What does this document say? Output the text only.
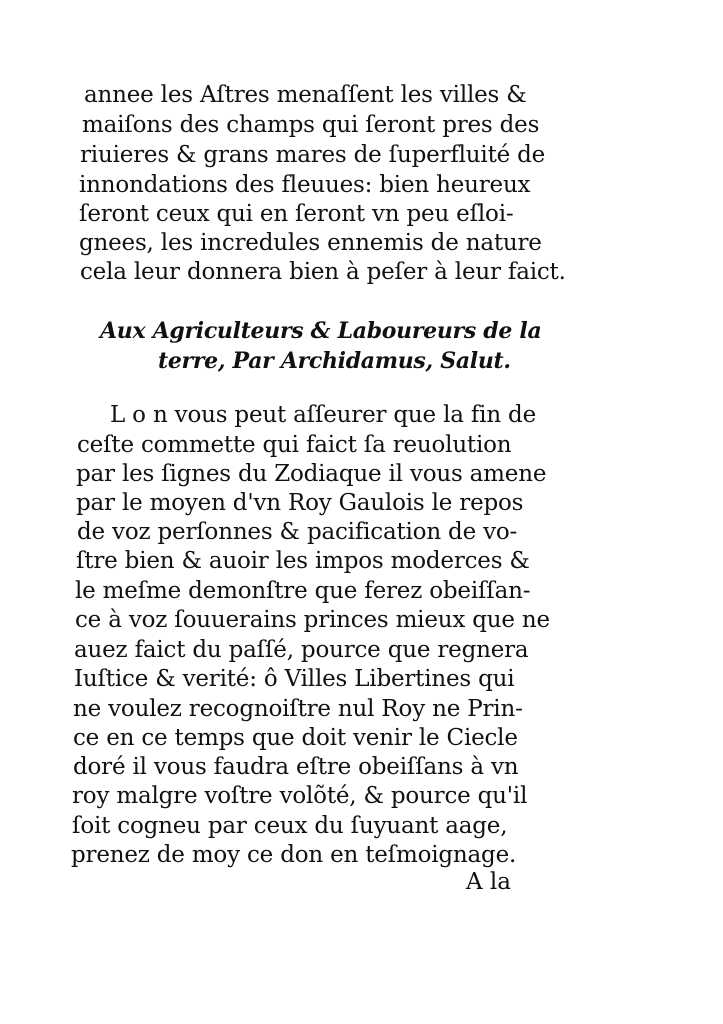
annee les Aſtres menaſſent les villes &
maiſons des champs qui ſeront pres des
riuieres & grans mares de ſuperfluité de
innondations des fleuues: bien heureux
ſeront ceux qui en ſeront vn peu eſloi-
gnees, les incredules ennemis de nature
cela leur donnera bien à peſer à leur faict.
Aux Agriculteurs & Laboureurs de la
terre, Par Archidamus, Salut.
L o n vous peut aſſeurer que la fin de
ceſte commette qui faict ſa reuolution
par les ſignes du Zodiaque il vous amene
par le moyen d'vn Roy Gaulois le repos
de voz perſonnes & pacification de vo-
ſtre bien & auoir les impos moderces &
le meſme demonſtre que ferez obeiſſan-
ce à voz ſouuerains princes mieux que ne
auez faict du paſſé, pource que regnera
Iuſtice & verité: ô Villes Libertines qui
ne voulez recognoiſtre nul Roy ne Prin-
ce en ce temps que doit venir le Ciecle
doré il vous faudra eſtre obeiſſans à vn
roy malgre voſtre volõté, & pource qu'il
ſoit cogneu par ceux du ſuyuant aage,
prenez de moy ce don en teſmoignage.
A la
